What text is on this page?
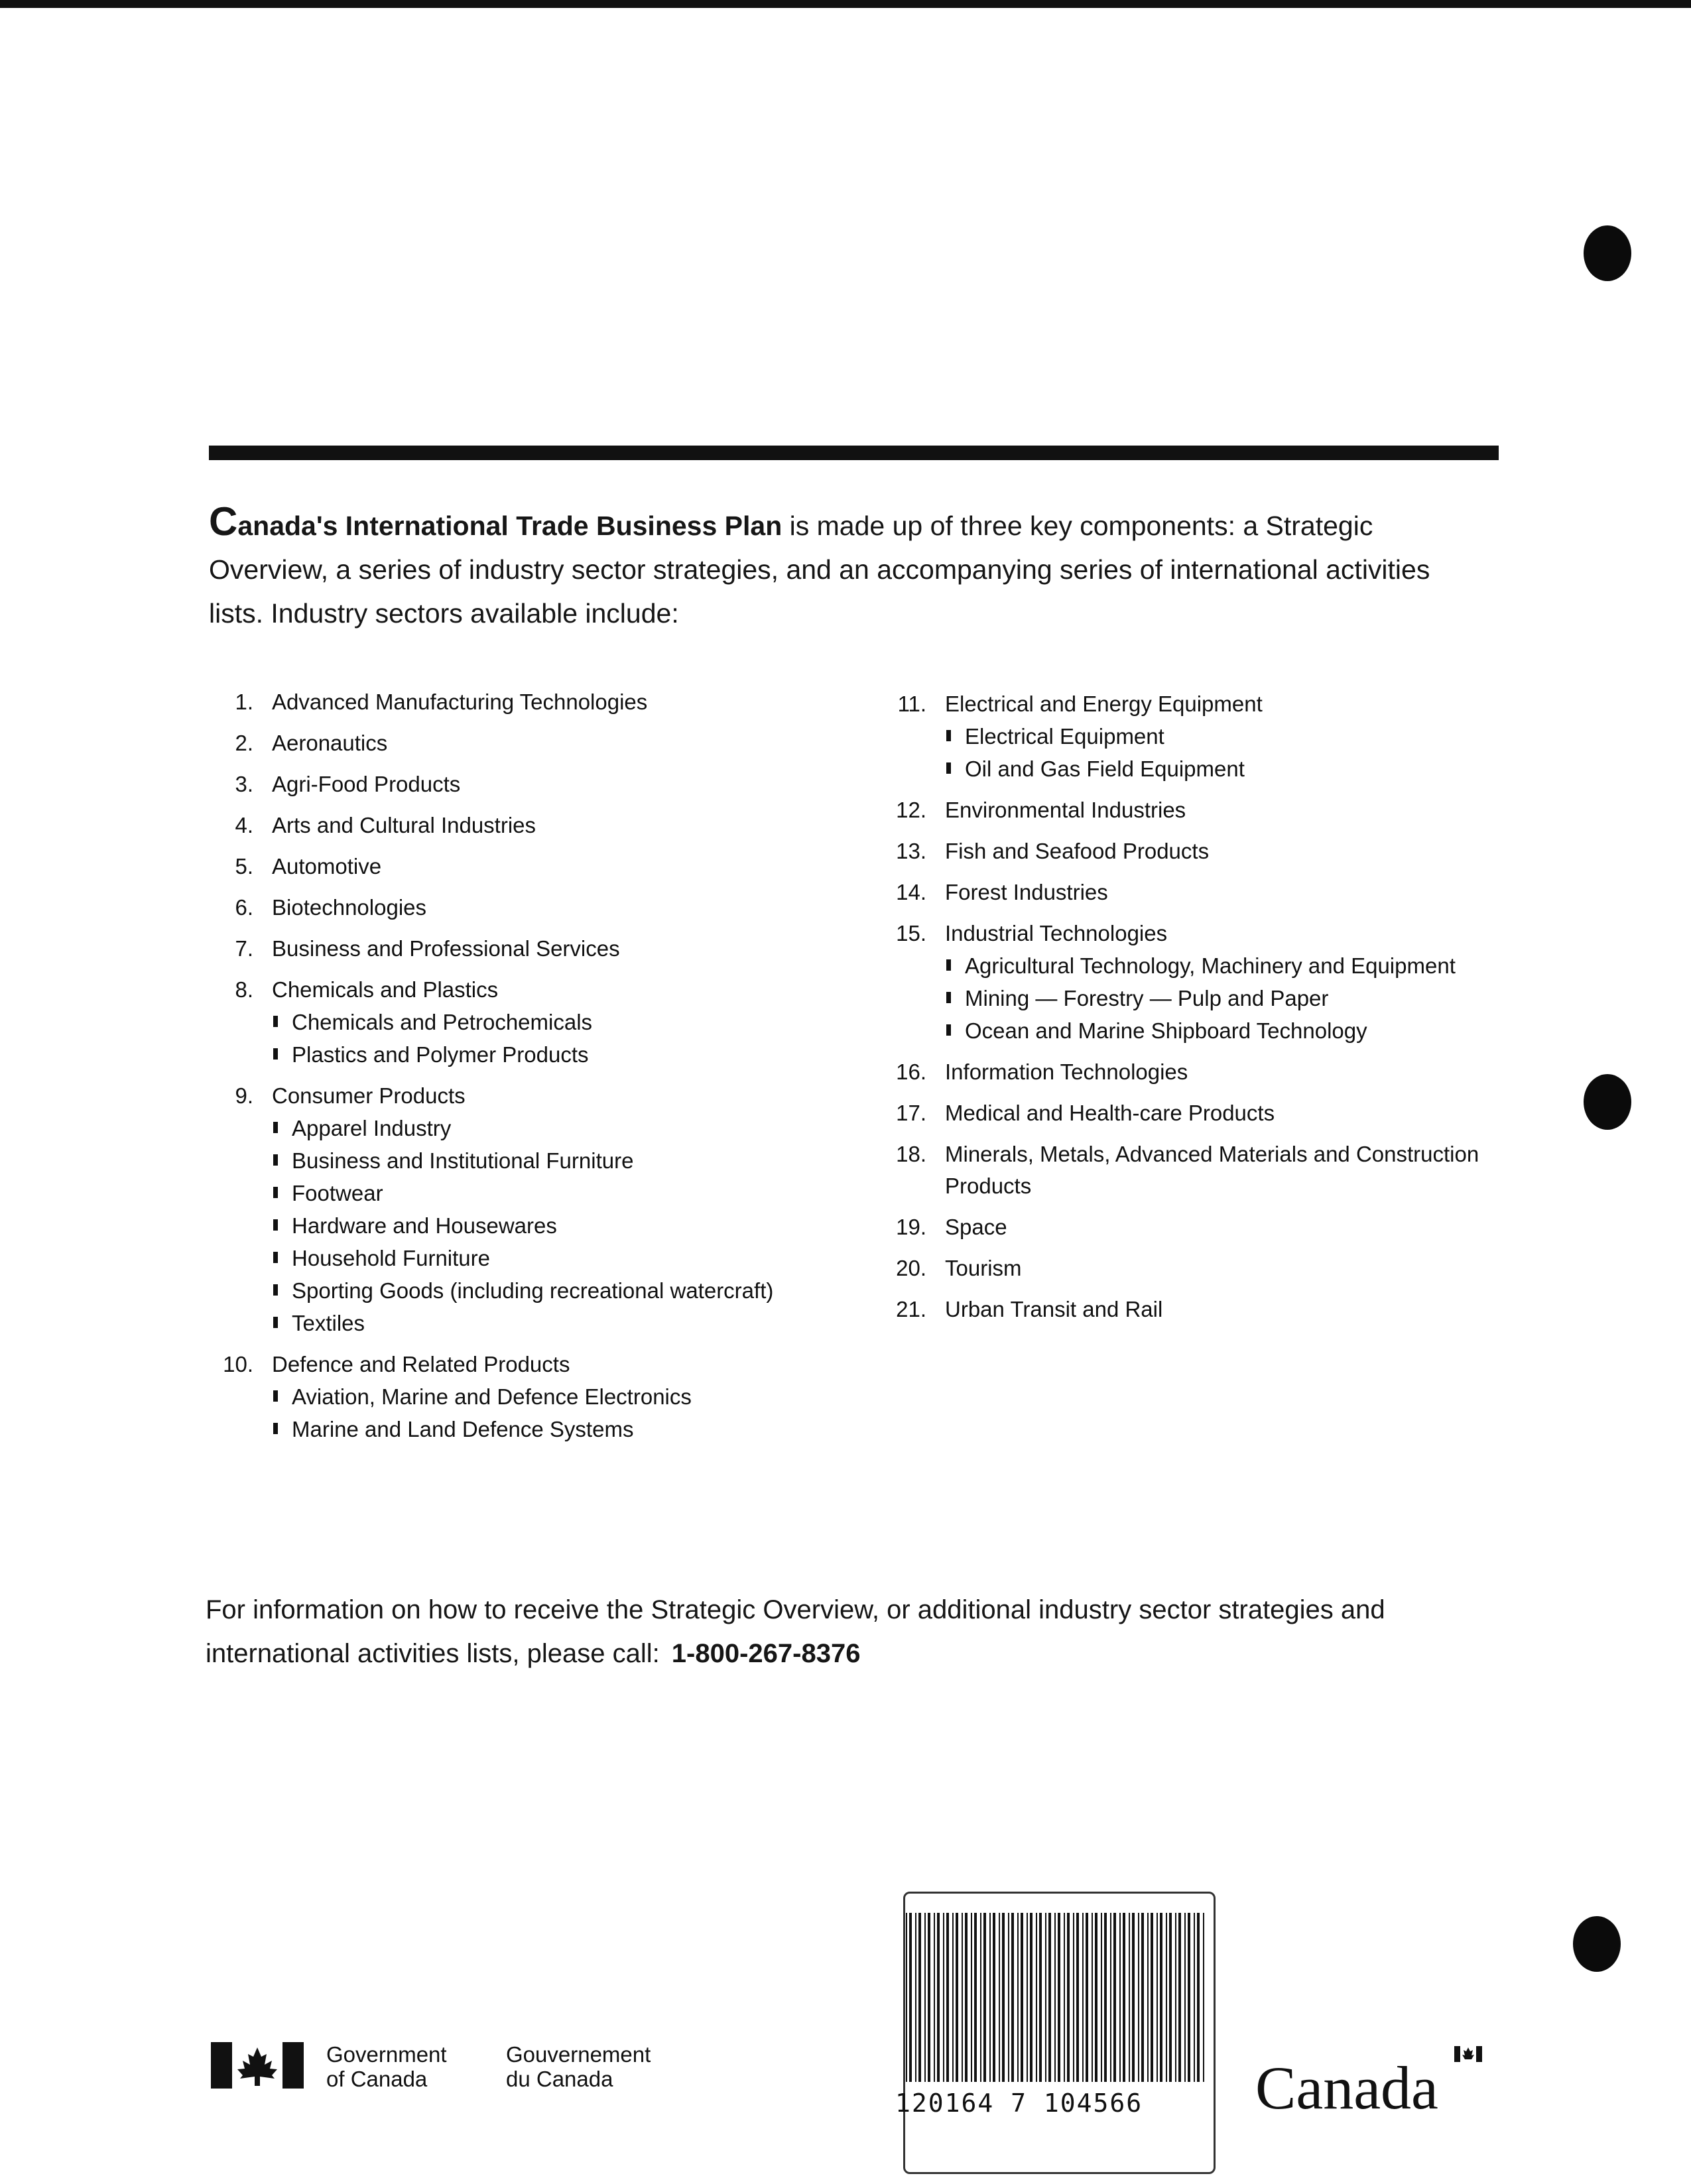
Canada's International Trade Business Plan is made up of three key components: a Strategic Overview, a series of industry sector strategies, and an accompanying series of international activities lists. Industry sectors available include:
1. Advanced Manufacturing Technologies
2. Aeronautics
3. Agri-Food Products
4. Arts and Cultural Industries
5. Automotive
6. Biotechnologies
7. Business and Professional Services
8. Chemicals and Plastics
Chemicals and Petrochemicals
Plastics and Polymer Products
9. Consumer Products
Apparel Industry
Business and Institutional Furniture
Footwear
Hardware and Housewares
Household Furniture
Sporting Goods (including recreational watercraft)
Textiles
10. Defence and Related Products
Aviation, Marine and Defence Electronics
Marine and Land Defence Systems
11. Electrical and Energy Equipment
Electrical Equipment
Oil and Gas Field Equipment
12. Environmental Industries
13. Fish and Seafood Products
14. Forest Industries
15. Industrial Technologies
Agricultural Technology, Machinery and Equipment
Mining — Forestry — Pulp and Paper
Ocean and Marine Shipboard Technology
16. Information Technologies
17. Medical and Health-care Products
18. Minerals, Metals, Advanced Materials and Construction Products
19. Space
20. Tourism
21. Urban Transit and Rail
For information on how to receive the Strategic Overview, or additional industry sector strategies and international activities lists, please call: 1-800-267-8376
Government
of Canada
Gouvernement
du Canada
120164 7 104566	Canada
